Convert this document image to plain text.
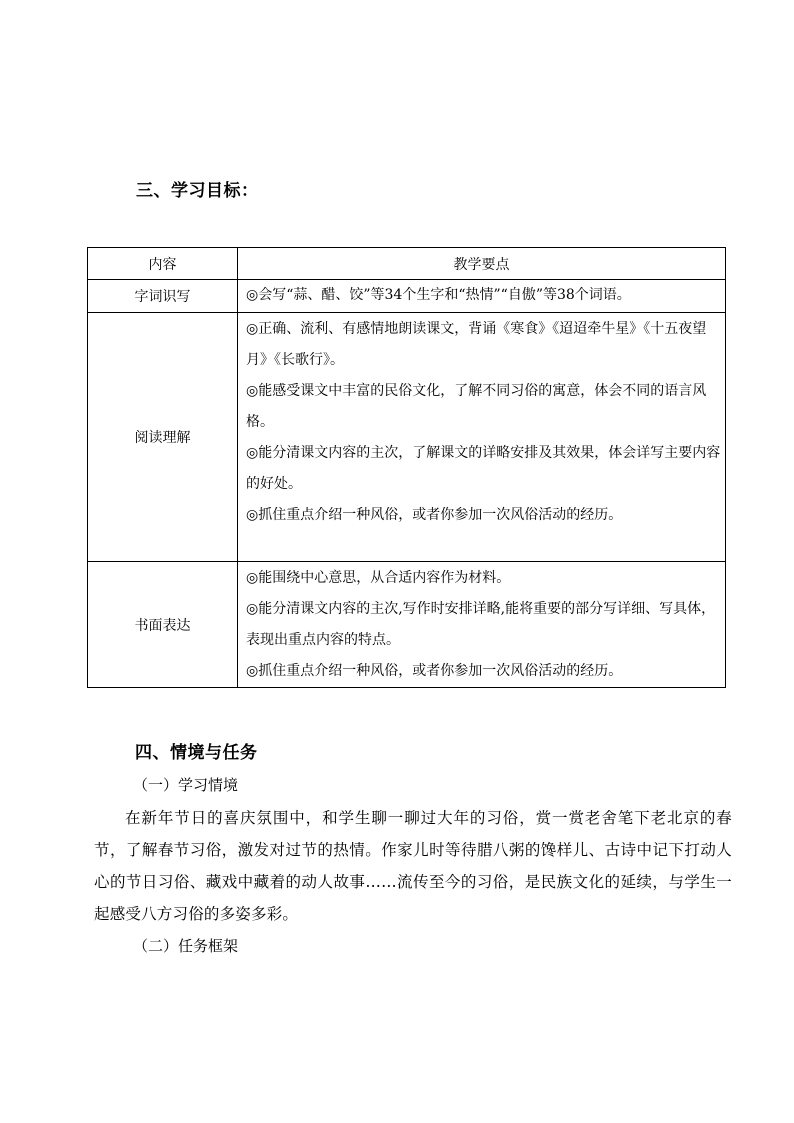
三、学习目标：
内容	教学要点
字词识写	◎会写“蒜、醋、饺”等34个生字和“热情”“自傲”等38个词语。

阅读理解	◎正确、流利、有感情地朗读课文，背诵《寒食》《迢迢牵牛星》《十五夜望月》《长歌行》。
◎能感受课文中丰富的民俗文化，了解不同习俗的寓意，体会不同的语言风格。
◎能分清课文内容的主次，了解课文的详略安排及其效果，体会详写主要内容的好处。
◎抓住重点介绍一种风俗，或者你参加一次风俗活动的经历。

书面表达	◎能围绕中心意思，从合适内容作为材料。
◎能分清课文内容的主次,写作时安排详略,能将重要的部分写详细、写具体，表现出重点内容的特点。
◎抓住重点介绍一种风俗，或者你参加一次风俗活动的经历。
四、情境与任务
（一）学习情境
在新年节日的喜庆氛围中，和学生聊一聊过大年的习俗，赏一赏老舍笔下老北京的春节，了解春节习俗，激发对过节的热情。作家儿时等待腊八粥的馋样儿、古诗中记下打动人心的节日习俗、藏戏中藏着的动人故事……流传至今的习俗，是民族文化的延续，与学生一起感受八方习俗的多姿多彩。
（二）任务框架
